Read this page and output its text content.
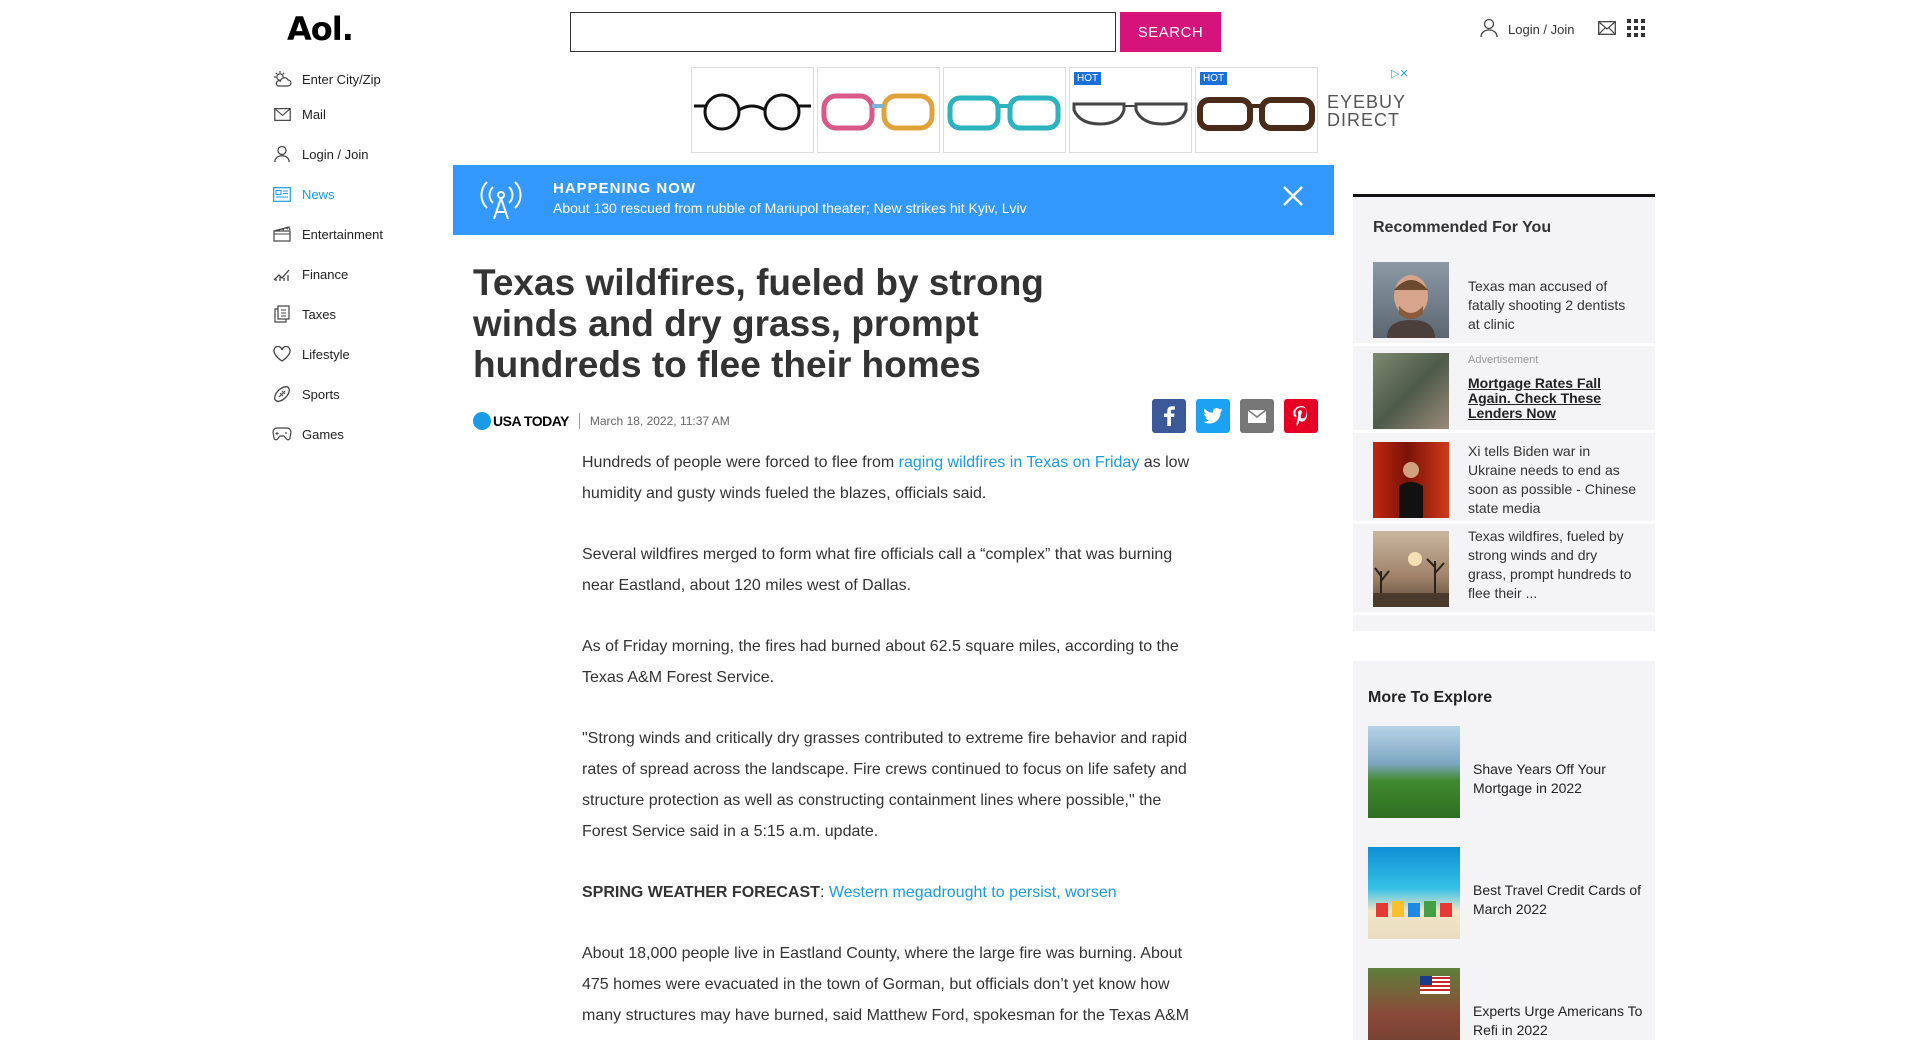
Aol.	SEARCH	Login / Join
Enter City/Zip
Mail
Login / Join
News
Entertainment
Finance
Taxes
Lifestyle
Sports
Games
HOT	HOT
EYEBUY
DIRECT
▷✕
HAPPENING NOW
About 130 rescued from rubble of Mariupol theater; New strikes hit Kyiv, Lviv
Texas wildfires, fueled by strong winds and dry grass, prompt hundreds to flee their homes
USA TODAY	March 18, 2022, 11:37 AM

Hundreds of people were forced to flee from raging wildfires in Texas on Friday as low humidity and gusty winds fueled the blazes, officials said.

Several wildfires merged to form what fire officials call a “complex” that was burning near Eastland, about 120 miles west of Dallas.

As of Friday morning, the fires had burned about 62.5 square miles, according to the Texas A&M Forest Service.

"Strong winds and critically dry grasses contributed to extreme fire behavior and rapid rates of spread across the landscape. Fire crews continued to focus on life safety and structure protection as well as constructing containment lines where possible," the Forest Service said in a 5:15 a.m. update.

SPRING WEATHER FORECAST: Western megadrought to persist, worsen

About 18,000 people live in Eastland County, where the large fire was burning. About 475 homes were evacuated in the town of Gorman, but officials don’t yet know how many structures may have burned, said Matthew Ford, spokesman for the Texas A&M

Recommended For You
Texas man accused of fatally shooting 2 dentists at clinic
Advertisement
Mortgage Rates Fall Again. Check These Lenders Now
Xi tells Biden war in Ukraine needs to end as soon as possible - Chinese state media
Texas wildfires, fueled by strong winds and dry grass, prompt hundreds to flee their ...
More To Explore
Shave Years Off Your Mortgage in 2022
Best Travel Credit Cards of March 2022
Experts Urge Americans To Refi in 2022
